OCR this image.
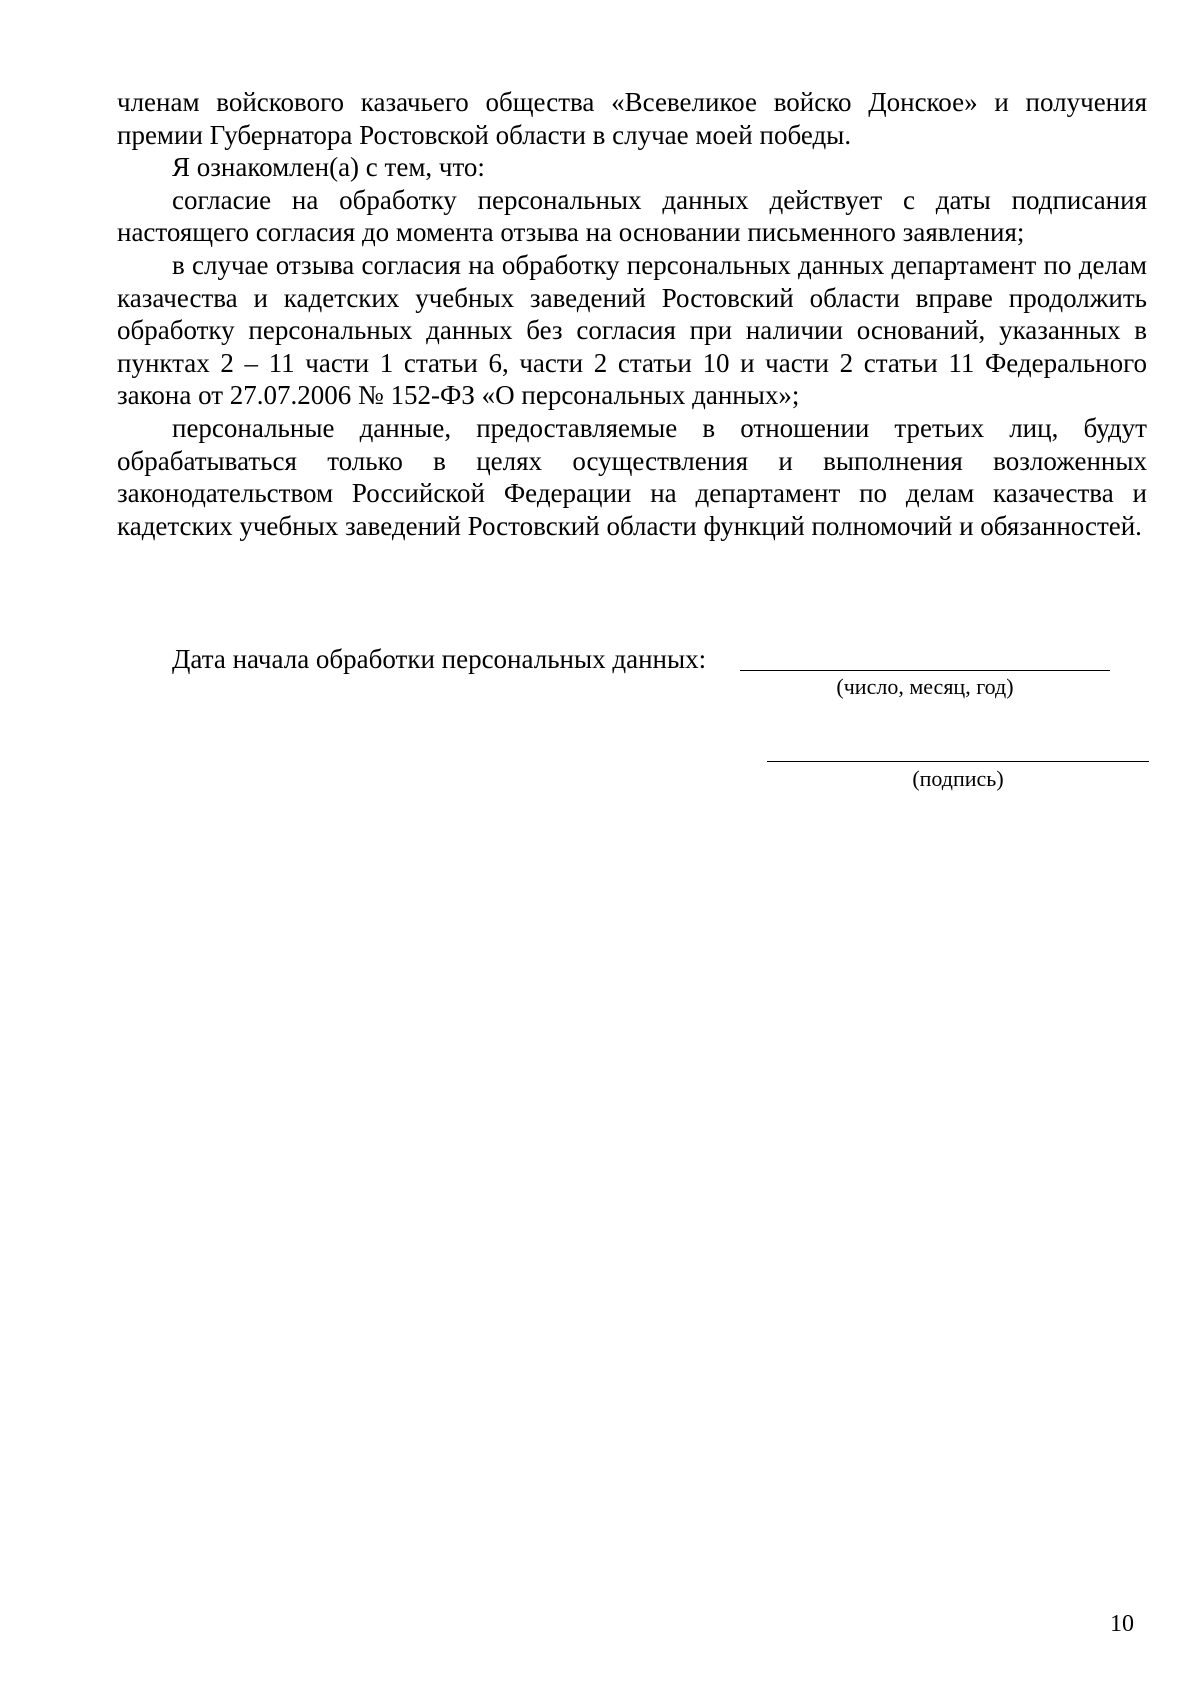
членам войскового казачьего общества «Всевеликое войско Донское» и получения премии Губернатора Ростовской области в случае моей победы.

Я ознакомлен(а) с тем, что:

согласие на обработку персональных данных действует с даты подписания настоящего согласия до момента отзыва на основании письменного заявления;

в случае отзыва согласия на обработку персональных данных департамент по делам казачества и кадетских учебных заведений Ростовский области вправе продолжить обработку персональных данных без согласия при наличии оснований, указанных в пунктах 2 – 11 части 1 статьи 6, части 2 статьи 10 и части 2 статьи 11 Федерального закона от 27.07.2006 № 152-ФЗ «О персональных данных»;

персональные данные, предоставляемые в отношении третьих лиц, будут обрабатываться только в целях осуществления и выполнения возложенных законодательством Российской Федерации на департамент по делам казачества и кадетских учебных заведений Ростовский области функций полномочий и обязанностей.

Дата начала обработки персональных данных:
(число, месяц, год)
(подпись)
10
